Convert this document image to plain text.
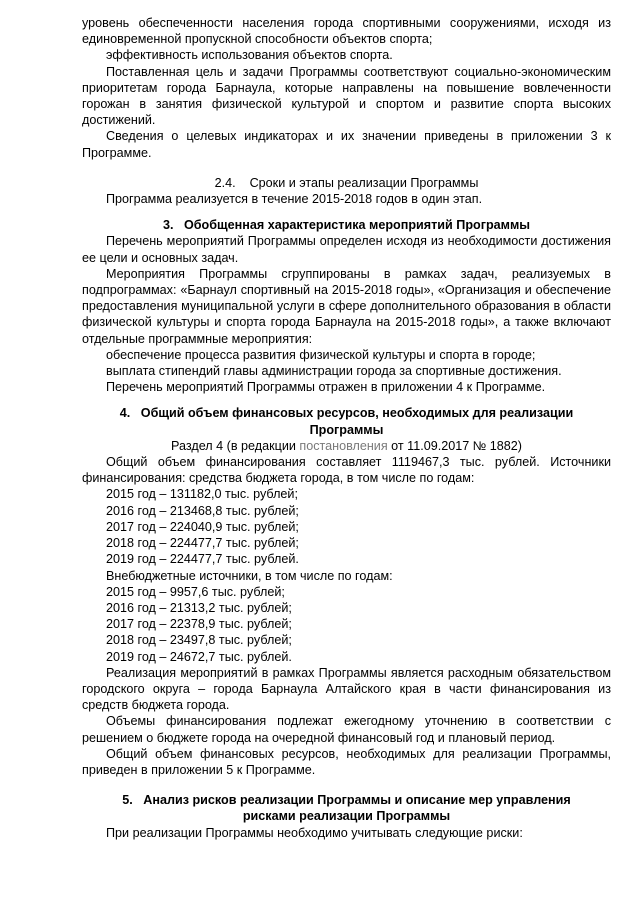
уровень обеспеченности населения города спортивными сооружениями, исходя из единовременной пропускной способности объектов спорта;

эффективность использования объектов спорта.

Поставленная цель и задачи Программы соответствуют социально-экономическим приоритетам города Барнаула, которые направлены на повышение вовлеченности горожан в занятия физической культурой и спортом и развитие спорта высоких достижений.

Сведения о целевых индикаторах и их значении приведены в приложении 3 к Программе.

2.4.    Сроки и этапы реализации Программы

Программа реализуется в течение 2015-2018 годов в один этап.

3.   Обобщенная характеристика мероприятий Программы

Перечень мероприятий Программы определен исходя из необходимости достижения ее цели и основных задач.

Мероприятия Программы сгруппированы в рамках задач, реализуемых в подпрограммах: «Барнаул спортивный на 2015-2018 годы», «Организация и обеспечение предоставления муниципальной услуги в сфере дополнительного образования в области физической культуры и спорта города Барнаула на 2015-2018 годы», а также включают отдельные программные мероприятия:

обеспечение процесса развития физической культуры и спорта в городе;

выплата стипендий главы администрации города за спортивные достижения.

Перечень мероприятий Программы отражен в приложении 4 к Программе.

4.   Общий объем финансовых ресурсов, необходимых для реализации

Программы

Раздел 4 (в редакции постановления от 11.09.2017 № 1882)

Общий объем финансирования составляет 1119467,3 тыс. рублей. Источники финансирования: средства бюджета города, в том числе по годам:

2015 год – 131182,0 тыс. рублей;

2016 год – 213468,8 тыс. рублей;

2017 год – 224040,9 тыс. рублей;

2018 год – 224477,7 тыс. рублей;

2019 год – 224477,7 тыс. рублей.

Внебюджетные источники, в том числе по годам:

2015 год – 9957,6 тыс. рублей;

2016 год – 21313,2 тыс. рублей;

2017 год – 22378,9 тыс. рублей;

2018 год – 23497,8 тыс. рублей;

2019 год – 24672,7 тыс. рублей.

Реализация мероприятий в рамках Программы является расходным обязательством городского округа – города Барнаула Алтайского края в части финансирования из средств бюджета города.

Объемы финансирования подлежат ежегодному уточнению в соответствии с решением о бюджете города на очередной финансовый год и плановый период.

Общий объем финансовых ресурсов, необходимых для реализации Программы, приведен в приложении 5 к Программе.

5.   Анализ рисков реализации Программы и описание мер управления

рисками реализации Программы

При реализации Программы необходимо учитывать следующие риски:
